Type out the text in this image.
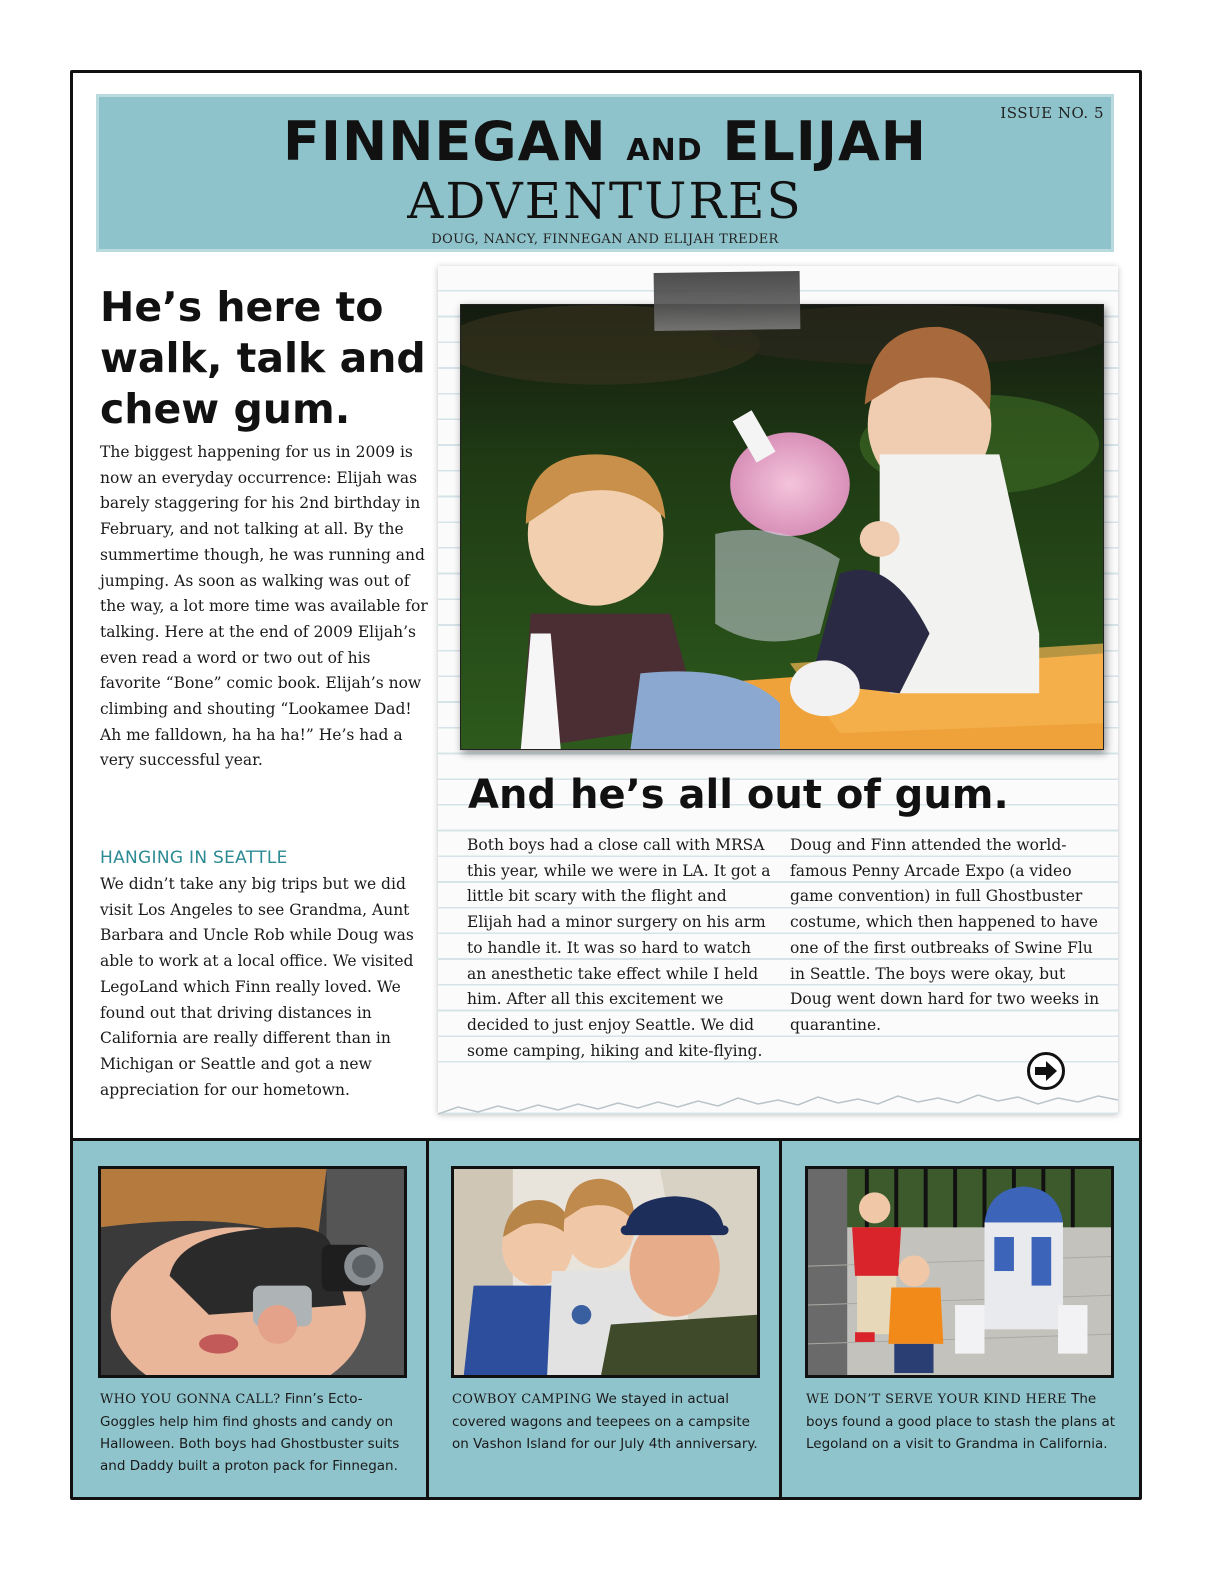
ISSUE NO. 5
FINNEGAN AND ELIJAH
ADVENTURES
DOUG, NANCY, FINNEGAN AND ELIJAH TREDER
He’s here to walk, talk and chew gum.
The biggest happening for us in 2009 is now an everyday occurrence: Elijah was barely staggering for his 2nd birthday in February, and not talking at all. By the summertime though, he was running and jumping. As soon as walking was out of the way, a lot more time was available for talking. Here at the end of 2009 Elijah’s even read a word or two out of his favorite “Bone” comic book. Elijah’s now climbing and shouting “Lookamee Dad! Ah me falldown, ha ha ha!” He’s had a very successful year.
HANGING IN SEATTLE
We didn’t take any big trips but we did visit Los Angeles to see Grandma, Aunt Barbara and Uncle Rob while Doug was able to work at a local office. We visited LegoLand which Finn really loved. We found out that driving distances in California are really different than in Michigan or Seattle and got a new appreciation for our hometown.
And he’s all out of gum.
Both boys had a close call with MRSA this year, while we were in LA. It got a little bit scary with the flight and Elijah had a minor surgery on his arm to handle it. It was so hard to watch an anesthetic take effect while I held him. After all this excitement we decided to just enjoy Seattle. We did some camping, hiking and kite-flying.
Doug and Finn attended the world-famous Penny Arcade Expo (a video game convention) in full Ghostbuster costume, which then happened to have one of the first outbreaks of Swine Flu in Seattle. The boys were okay, but Doug went down hard for two weeks in quarantine.
WHO YOU GONNA CALL? Finn’s Ecto-Goggles help him find ghosts and candy on Halloween. Both boys had Ghostbuster suits and Daddy built a proton pack for Finnegan.
COWBOY CAMPING We stayed in actual covered wagons and teepees on a campsite on Vashon Island for our July 4th anniversary.
WE DON’T SERVE YOUR KIND HERE The boys found a good place to stash the plans at Legoland on a visit to Grandma in California.
